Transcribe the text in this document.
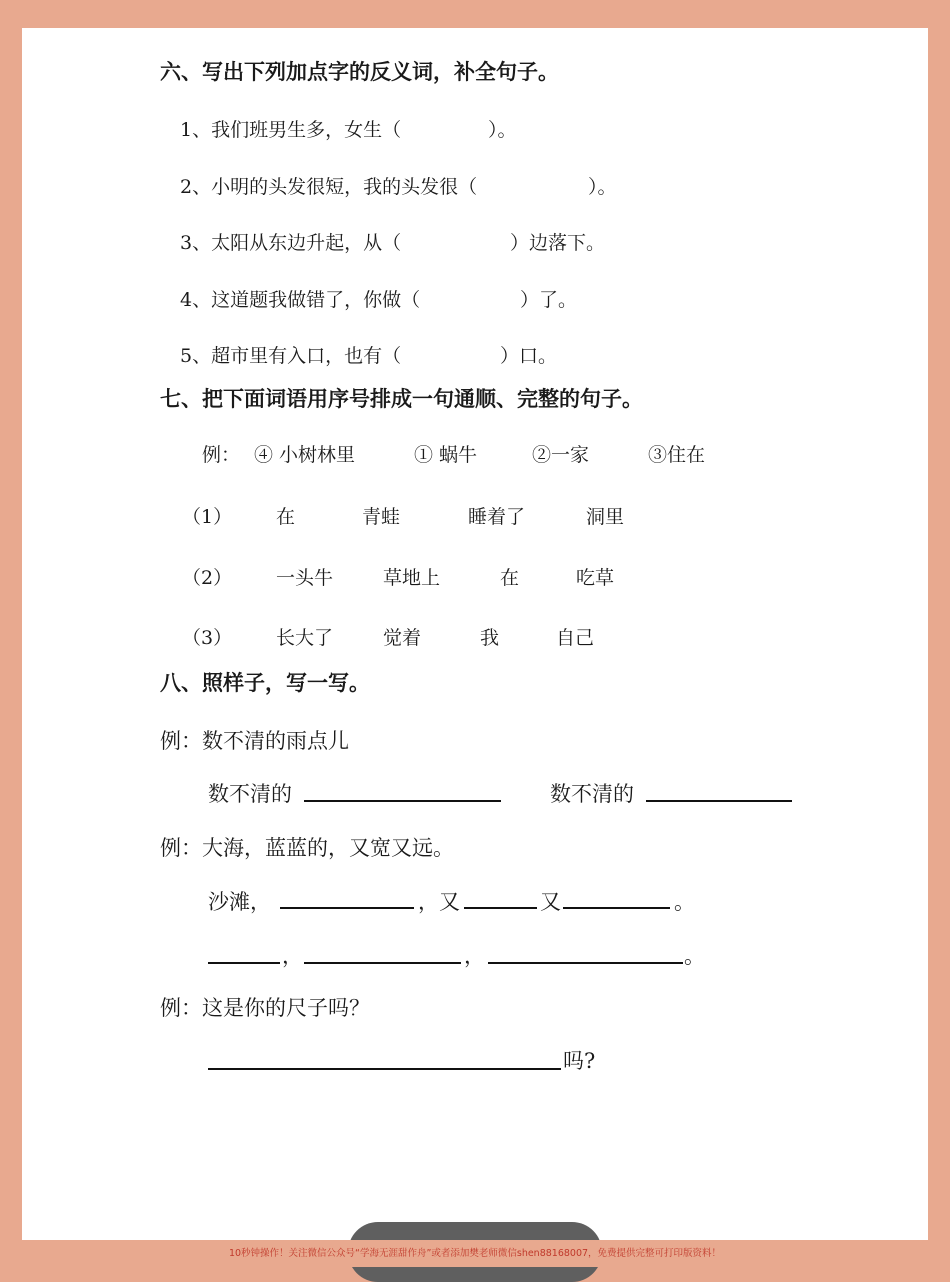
六、写出下列加点字的反义词，补全句子。
1、我们班男生多，女生（	）。
2、小明的头发很短，我的头发很（	）。
3、太阳从东边升起，从（	）边落下。
4、这道题我做错了，你做（	）了。
5、超市里有入口，也有（	）口。
七、把下面词语用序号排成一句通顺、完整的句子。
例： ④ 小树林里	① 蜗牛	②一家	③住在
（1） 在	青蛙	睡着了	洞里
（2） 一头牛	草地上	在	吃草
（3） 长大了	觉着	我	自己
八、照样子，写一写。
例：数不清的雨点儿
数不清的	数不清的
例：大海，蓝蓝的，又宽又远。
沙滩，	，又	又	。
，	，	。
例：这是你的尺子吗？
吗?
10秒钟操作！关注微信公众号“学海无涯甜作舟”或者添加樊老师微信shen88168007，免费提供完整可打印版资料！
